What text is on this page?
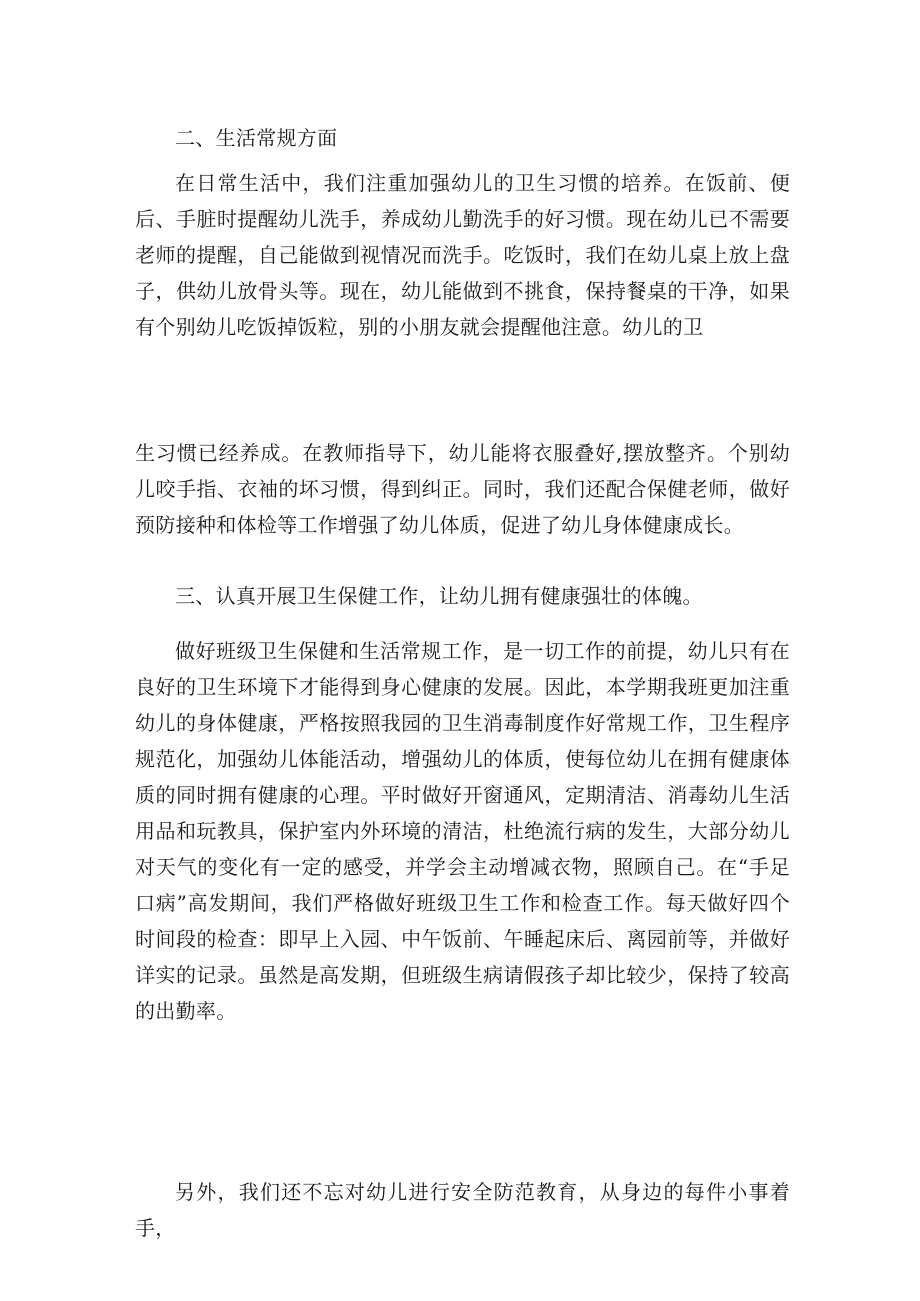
二、生活常规方面

在日常生活中，我们注重加强幼儿的卫生习惯的培养。在饭前、便后、手脏时提醒幼儿洗手，养成幼儿勤洗手的好习惯。现在幼儿已不需要老师的提醒，自己能做到视情况而洗手。吃饭时，我们在幼儿桌上放上盘子，供幼儿放骨头等。现在，幼儿能做到不挑食，保持餐桌的干净，如果有个别幼儿吃饭掉饭粒，别的小朋友就会提醒他注意。幼儿的卫

生习惯已经养成。在教师指导下，幼儿能将衣服叠好,摆放整齐。个别幼儿咬手指、衣袖的坏习惯，得到纠正。同时，我们还配合保健老师，做好预防接种和体检等工作增强了幼儿体质，促进了幼儿身体健康成长。

三、认真开展卫生保健工作，让幼儿拥有健康强壮的体魄。

做好班级卫生保健和生活常规工作，是一切工作的前提，幼儿只有在良好的卫生环境下才能得到身心健康的发展。因此，本学期我班更加注重幼儿的身体健康，严格按照我园的卫生消毒制度作好常规工作，卫生程序规范化，加强幼儿体能活动，增强幼儿的体质，使每位幼儿在拥有健康体质的同时拥有健康的心理。平时做好开窗通风，定期清洁、消毒幼儿生活用品和玩教具，保护室内外环境的清洁，杜绝流行病的发生，大部分幼儿对天气的变化有一定的感受，并学会主动增减衣物，照顾自己。在“手足口病”高发期间，我们严格做好班级卫生工作和检查工作。每天做好四个时间段的检查：即早上入园、中午饭前、午睡起床后、离园前等，并做好详实的记录。虽然是高发期，但班级生病请假孩子却比较少，保持了较高的出勤率。

另外，我们还不忘对幼儿进行安全防范教育，从身边的每件小事着手，
